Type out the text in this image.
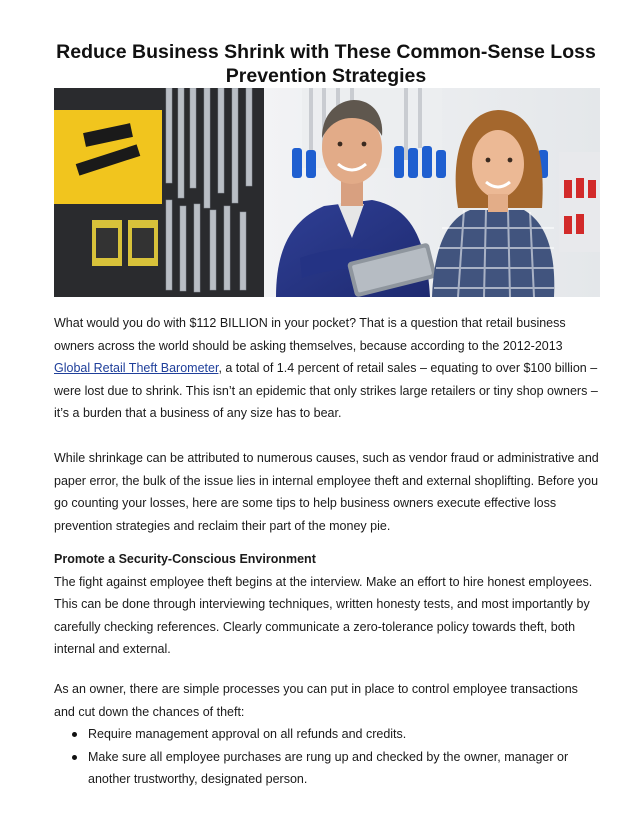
Reduce Business Shrink with These Common-Sense Loss Prevention Strategies
What would you do with $112 BILLION in your pocket? That is a question that retail business owners across the world should be asking themselves, because according to the 2012-2013 Global Retail Theft Barometer, a total of 1.4 percent of retail sales – equating to over $100 billion – were lost due to shrink. This isn’t an epidemic that only strikes large retailers or tiny shop owners – it’s a burden that a business of any size has to bear.
While shrinkage can be attributed to numerous causes, such as vendor fraud or administrative and paper error, the bulk of the issue lies in internal employee theft and external shoplifting. Before you go counting your losses, here are some tips to help business owners execute effective loss prevention strategies and reclaim their part of the money pie.
Promote a Security-Conscious Environment
The fight against employee theft begins at the interview. Make an effort to hire honest employees. This can be done through interviewing techniques, written honesty tests, and most importantly by carefully checking references. Clearly communicate a zero-tolerance policy towards theft, both internal and external.
As an owner, there are simple processes you can put in place to control employee transactions and cut down the chances of theft:
Require management approval on all refunds and credits.
Make sure all employee purchases are rung up and checked by the owner, manager or another trustworthy, designated person.
